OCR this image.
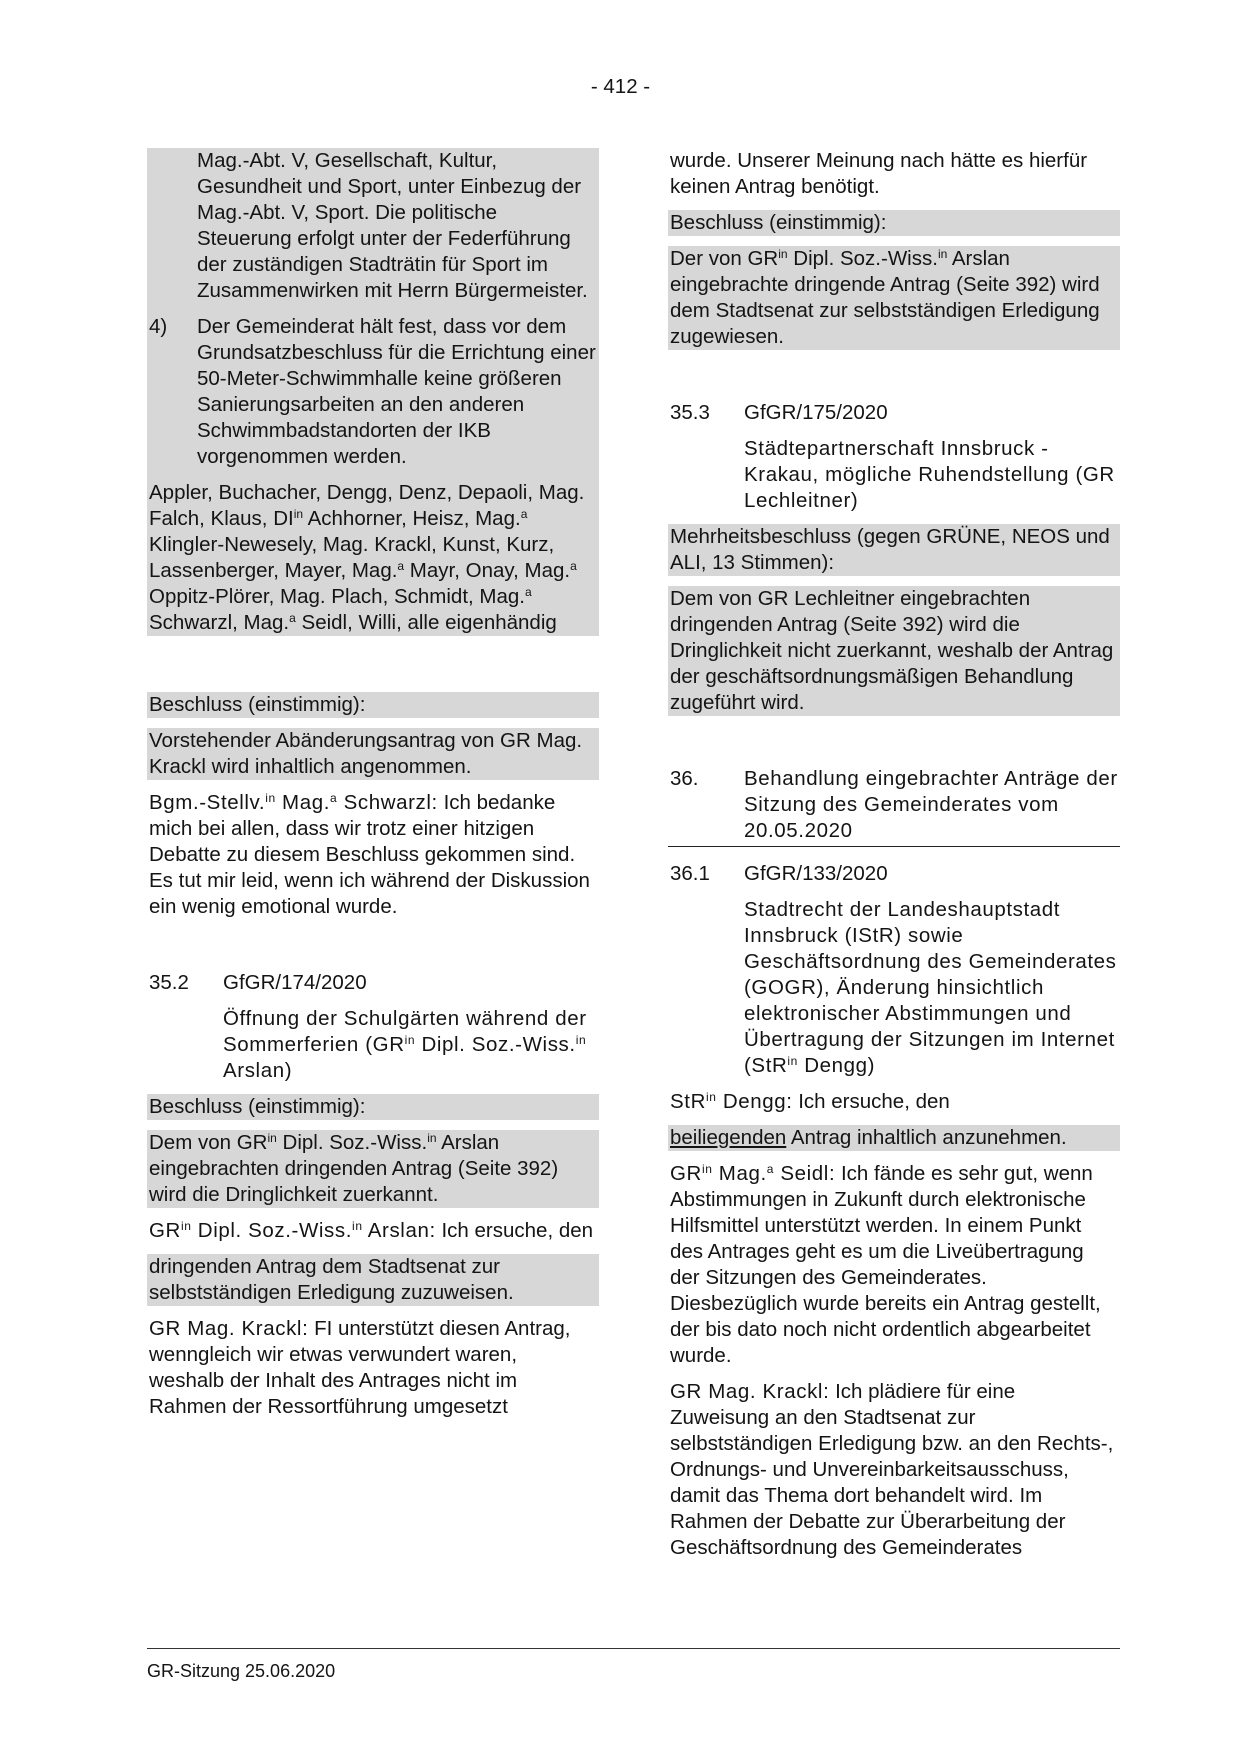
- 412 -
Mag.-Abt. V, Gesellschaft, Kultur, Gesundheit und Sport, unter Einbezug der Mag.-Abt. V, Sport. Die politische Steuerung erfolgt unter der Federführung der zuständigen Stadträtin für Sport im Zusammenwirken mit Herrn Bürgermeister.
4)	Der Gemeinderat hält fest, dass vor dem Grundsatzbeschluss für die Errichtung einer 50-Meter-Schwimmhalle keine größeren Sanierungsarbeiten an den anderen Schwimmbadstandorten der IKB vorgenommen werden.
Appler, Buchacher, Dengg, Denz, Depaoli, Mag. Falch, Klaus, $DI^{in}$ Achhorner, Heisz, Mag.$^a$ Klingler-Newesely, Mag. Krackl, Kunst, Kurz, Lassenberger, Mayer, Mag.$^a$ Mayr, Onay, Mag.$^a$ Oppitz-Plörer, Mag. Plach, Schmidt, Mag.$^a$ Schwarzl, Mag.$^a$ Seidl, Willi, alle eigenhändig
Beschluss (einstimmig):
Vorstehender Abänderungsantrag von GR Mag. Krackl wird inhaltlich angenommen.
Bgm.-Stellv.$^{in}$ Mag.$^a$ Schwarzl: Ich bedanke mich bei allen, dass wir trotz einer hitzigen Debatte zu diesem Beschluss gekommen sind. Es tut mir leid, wenn ich während der Diskussion ein wenig emotional wurde.
35.2	GfGR/174/2020
Öffnung der Schulgärten während der Sommerferien ($GR^{in}$ Dipl. Soz.-Wiss.$^{in}$ Arslan)
Beschluss (einstimmig):
Dem von $GR^{in}$ Dipl. Soz.-Wiss.$^{in}$ Arslan eingebrachten dringenden Antrag (Seite 392) wird die Dringlichkeit zuerkannt.
$GR^{in}$ Dipl. Soz.-Wiss.$^{in}$ Arslan: Ich ersuche, den
dringenden Antrag dem Stadtsenat zur selbstständigen Erledigung zuzuweisen.
GR Mag. Krackl: FI unterstützt diesen Antrag, wenngleich wir etwas verwundert waren, weshalb der Inhalt des Antrages nicht im Rahmen der Ressortführung umgesetzt
wurde. Unserer Meinung nach hätte es hierfür keinen Antrag benötigt.
Beschluss (einstimmig):
Der von $GR^{in}$ Dipl. Soz.-Wiss.$^{in}$ Arslan eingebrachte dringende Antrag (Seite 392) wird dem Stadtsenat zur selbstständigen Erledigung zugewiesen.
35.3	GfGR/175/2020
Städtepartnerschaft Innsbruck - Krakau, mögliche Ruhendstellung (GR Lechleitner)
Mehrheitsbeschluss (gegen GRÜNE, NEOS und ALI, 13 Stimmen):
Dem von GR Lechleitner eingebrachten dringenden Antrag (Seite 392) wird die Dringlichkeit nicht zuerkannt, weshalb der Antrag der geschäftsordnungsmäßigen Behandlung zugeführt wird.
36.	Behandlung eingebrachter Anträge der Sitzung des Gemeinderates vom 20.05.2020
36.1	GfGR/133/2020
Stadtrecht der Landeshauptstadt Innsbruck (IStR) sowie Geschäftsordnung des Gemeinderates (GOGR), Änderung hinsichtlich elektronischer Abstimmungen und Übertragung der Sitzungen im Internet (StR$^{in}$ Dengg)
StR$^{in}$ Dengg: Ich ersuche, den
beiliegenden Antrag inhaltlich anzunehmen.
$GR^{in}$ Mag.$^a$ Seidl: Ich fände es sehr gut, wenn Abstimmungen in Zukunft durch elektronische Hilfsmittel unterstützt werden. In einem Punkt des Antrages geht es um die Liveübertragung der Sitzungen des Gemeinderates. Diesbezüglich wurde bereits ein Antrag gestellt, der bis dato noch nicht ordentlich abgearbeitet wurde.
GR Mag. Krackl: Ich plädiere für eine Zuweisung an den Stadtsenat zur selbstständigen Erledigung bzw. an den Rechts-, Ordnungs- und Unvereinbarkeitsausschuss, damit das Thema dort behandelt wird. Im Rahmen der Debatte zur Überarbeitung der Geschäftsordnung des Gemeinderates
GR-Sitzung 25.06.2020
